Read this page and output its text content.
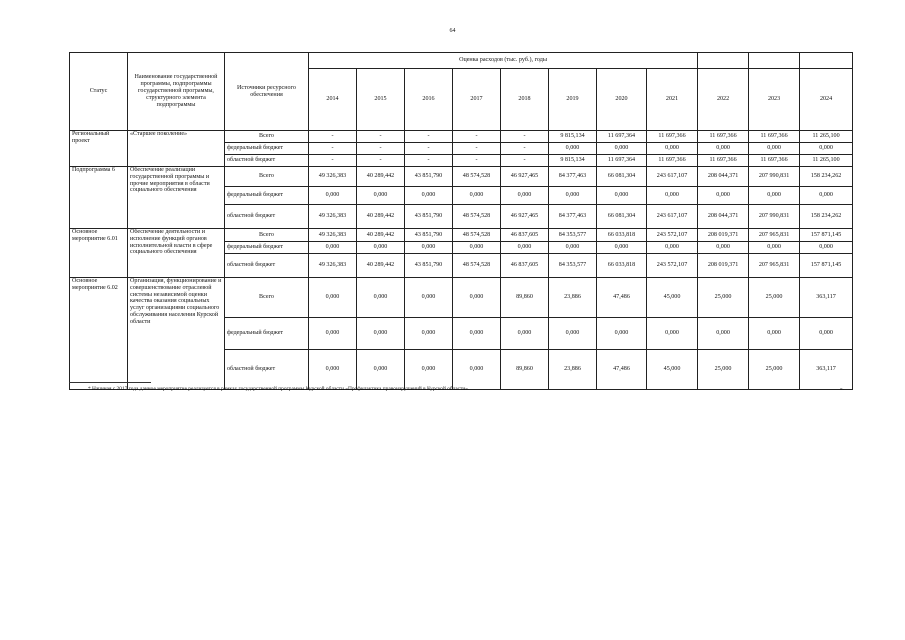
64
Статус	Наименование государственной программы, подпрограммы государственной программы, структурного элемента подпрограммы	Источники ресурсного обеспечения	Оценка расходов (тыс. руб.), годы										
			2014	2015	2016	2017	2018	2019	2020	2021	2022	2023	2024
Региональный проект	«Старшее поколение»	Всего	-	-	-	-	-	9 815,134	11 697,364	11 697,366	11 697,366	11 697,366	11 265,100
		федеральный бюджет	-	-	-	-	-	0,000	0,000	0,000	0,000	0,000	0,000
		областной бюджет	-	-	-	-	-	9 815,134	11 697,364	11 697,366	11 697,366	11 697,366	11 265,100
Подпрограмма 6	Обеспечение реализации государственной программы и прочие мероприятия в области социального обеспечения	Всего	49 326,383	40 289,442	43 851,790	48 574,528	46 927,465	84 377,463	66 081,304	243 617,107	208 044,371	207 990,831	158 234,262
		федеральный бюджет	0,000	0,000	0,000	0,000	0,000	0,000	0,000	0,000	0,000	0,000	0,000
		областной бюджет	49 326,383	40 289,442	43 851,790	48 574,528	46 927,465	84 377,463	66 081,304	243 617,107	208 044,371	207 990,831	158 234,262
Основное мероприятие 6.01	Обеспечение деятельности и исполнение функций органов исполнительной власти в сфере социального обеспечения	Всего	49 326,383	40 289,442	43 851,790	48 574,528	46 837,605	84 353,577	66 033,818	243 572,107	208 019,371	207 965,831	157 871,145
		федеральный бюджет	0,000	0,000	0,000	0,000	0,000	0,000	0,000	0,000	0,000	0,000	0,000
		областной бюджет	49 326,383	40 289,442	43 851,790	48 574,528	46 837,605	84 353,577	66 033,818	243 572,107	208 019,371	207 965,831	157 871,145
Основное мероприятие 6.02	Организация, функционирование и совершенствование отраслевой системы независимой оценки качества оказания социальных услуг организациями социального обслуживания населения Курской области	Всего	0,000	0,000	0,000	0,000	89,860	23,886	47,486	45,000	25,000	25,000	363,117
		федеральный бюджет	0,000	0,000	0,000	0,000	0,000	0,000	0,000	0,000	0,000	0,000	0,000
		областной бюджет	0,000	0,000	0,000	0,000	89,860	23,886	47,486	45,000	25,000	25,000	363,117
* Начиная с 2017 года данное мероприятие реализуется в рамках государственной программы Курской области «Профилактика правонарушений в Курской области».	».
